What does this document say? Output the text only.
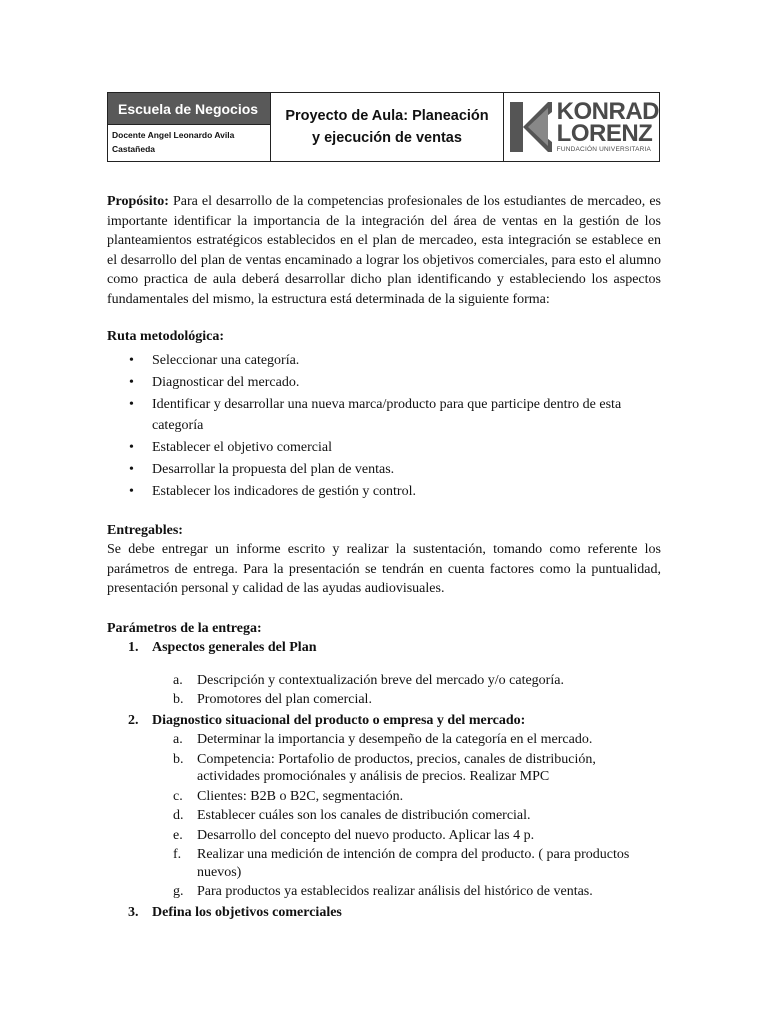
Escuela de Negocios
Docente Angel Leonardo Avila Castañeda
Proyecto de Aula: Planeación
y ejecución de ventas
KONRAD
LORENZ
FUNDACIÓN UNIVERSITARIA

Propósito: Para el desarrollo de la competencias profesionales de los estudiantes de mercadeo, es importante identificar la importancia de la integración del área de ventas en la gestión de los planteamientos estratégicos establecidos en el plan de mercadeo, esta integración se establece en el desarrollo del plan de ventas encaminado a lograr los objetivos comerciales, para esto el alumno como practica de aula deberá desarrollar dicho plan identificando y estableciendo los aspectos fundamentales del mismo, la estructura está determinada de la siguiente forma:

Ruta metodológica:
• Seleccionar una categoría.
• Diagnosticar del mercado.
• Identificar y desarrollar una nueva marca/producto para que participe dentro de esta categoría
• Establecer el objetivo comercial
• Desarrollar la propuesta del plan de ventas.
• Establecer los indicadores de gestión y control.
Entregables:

Se debe entregar un informe escrito y realizar la sustentación, tomando como referente los parámetros de entrega. Para la presentación se tendrán en cuenta factores como la puntualidad, presentación personal y calidad de las ayudas audiovisuales.

Parámetros de la entrega:
1. Aspectos generales del Plan
a. Descripción y contextualización breve del mercado y/o categoría.
b. Promotores del plan comercial.
2. Diagnostico situacional del producto o empresa y del mercado:
a. Determinar la importancia y desempeño de la categoría en el mercado.
b. Competencia: Portafolio de productos, precios, canales de distribución, actividades promociónales y análisis de precios. Realizar MPC
c. Clientes: B2B o B2C, segmentación.
d. Establecer cuáles son los canales de distribución comercial.
e. Desarrollo del concepto del nuevo producto. Aplicar las 4 p.
f. Realizar una medición de intención de compra del producto. ( para productos nuevos)
g. Para productos ya establecidos realizar análisis del histórico de ventas.
3. Defina los objetivos comerciales
